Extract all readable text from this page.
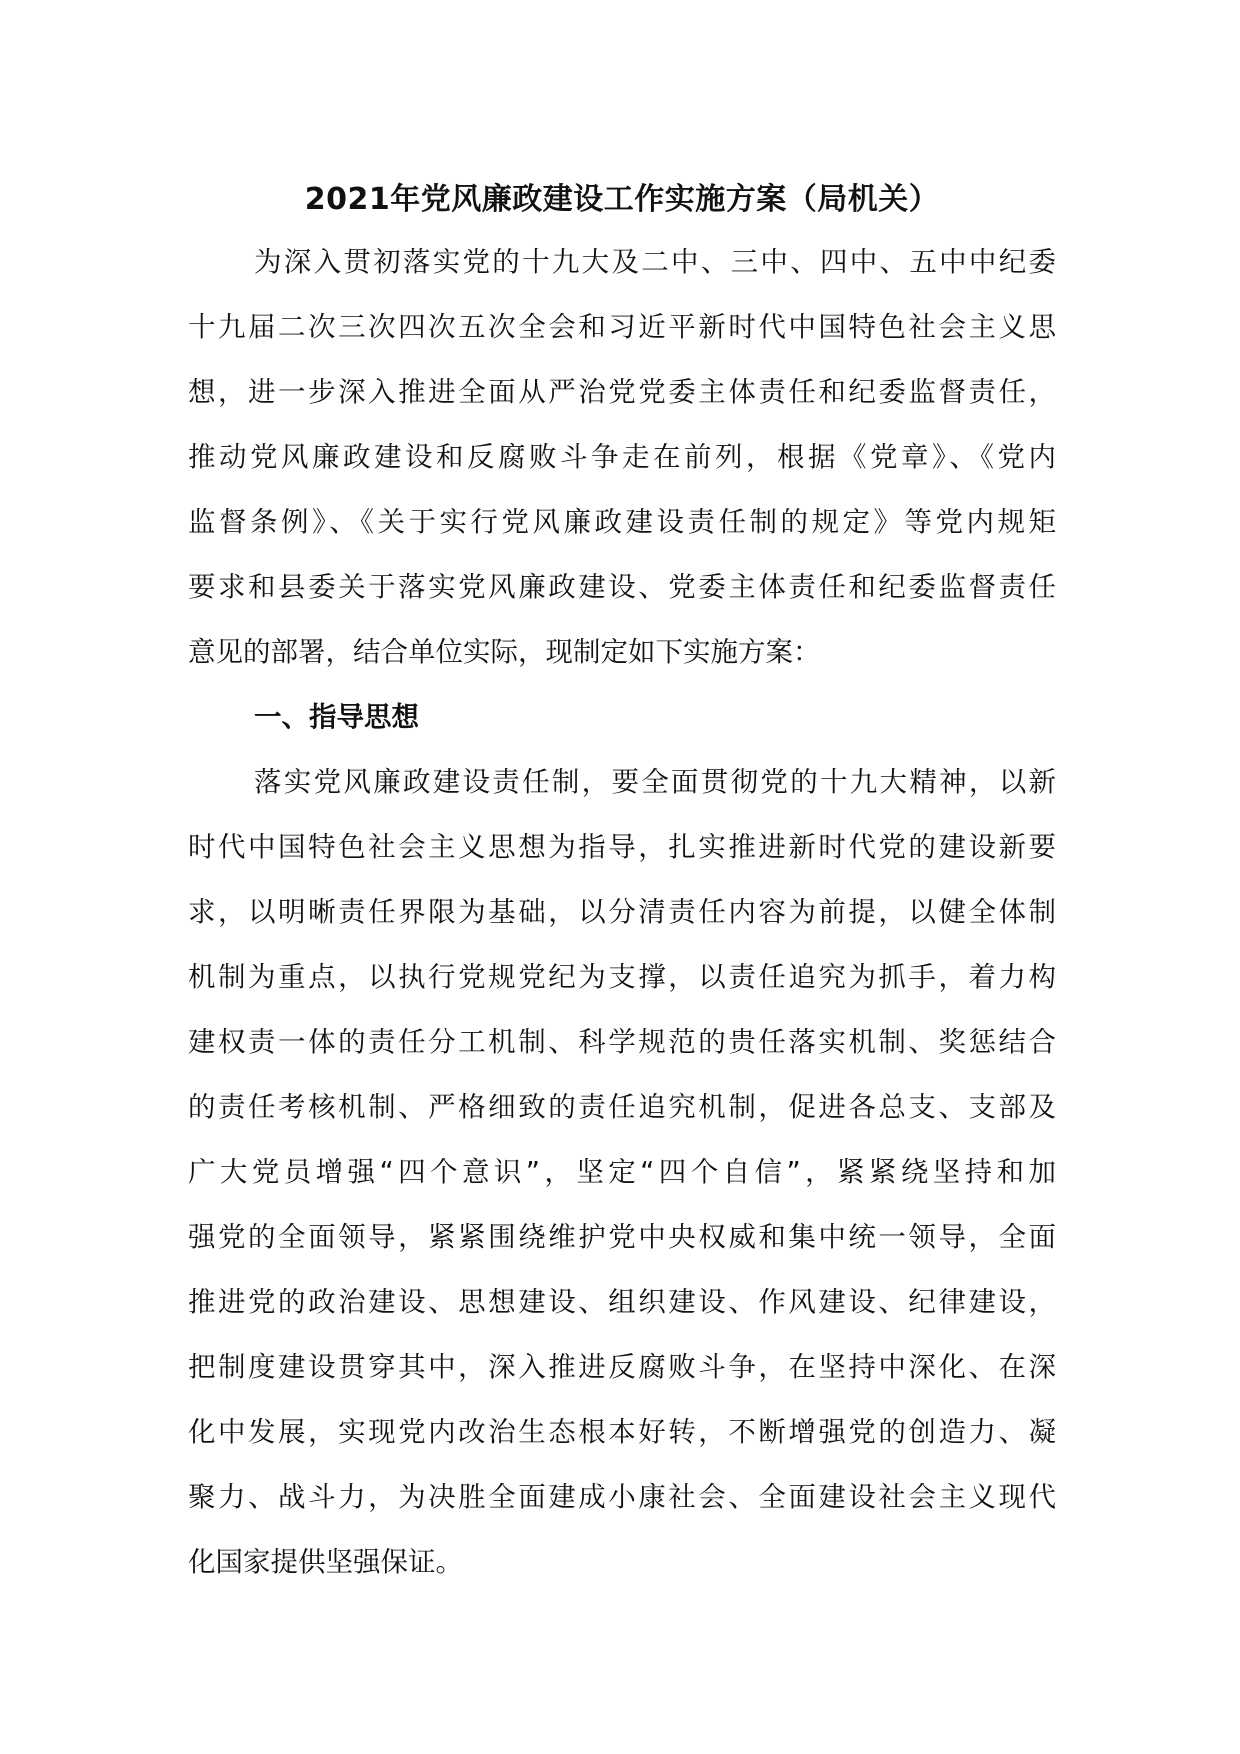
2021年党风廉政建设工作实施方案（局机关）
为深入贯初落实党的十九大及二中、三中、四中、五中中纪委
十九届二次三次四次五次全会和习近平新时代中国特色社会主义思
想，进一步深入推进全面从严治党党委主体责任和纪委监督责任，
推动党风廉政建设和反腐败斗争走在前列，根据《党章》、《党内
监督条例》、《关于实行党风廉政建设责任制的规定》等党内规矩
要求和县委关于落实党风廉政建设、党委主体责任和纪委监督责任
意见的部署，结合单位实际，现制定如下实施方案：
一、指导思想
落实党风廉政建设责任制，要全面贯彻党的十九大精神，以新
时代中国特色社会主义思想为指导，扎实推进新时代党的建设新要
求，以明晰责任界限为基础，以分清责任内容为前提，以健全体制
机制为重点，以执行党规党纪为支撑，以责任追究为抓手，着力构
建权责一体的责任分工机制、科学规范的贵任落实机制、奖惩结合
的责任考核机制、严格细致的责任追究机制，促进各总支、支部及
广大党员增强“四个意识”，坚定“四个自信”，紧紧绕坚持和加
强党的全面领导，紧紧围绕维护党中央权威和集中统一领导，全面
推进党的政治建设、思想建设、组织建设、作风建设、纪律建设，
把制度建设贯穿其中，深入推进反腐败斗争，在坚持中深化、在深
化中发展，实现党内改治生态根本好转，不断增强党的创造力、凝
聚力、战斗力，为决胜全面建成小康社会、全面建设社会主义现代
化国家提供坚强保证。
